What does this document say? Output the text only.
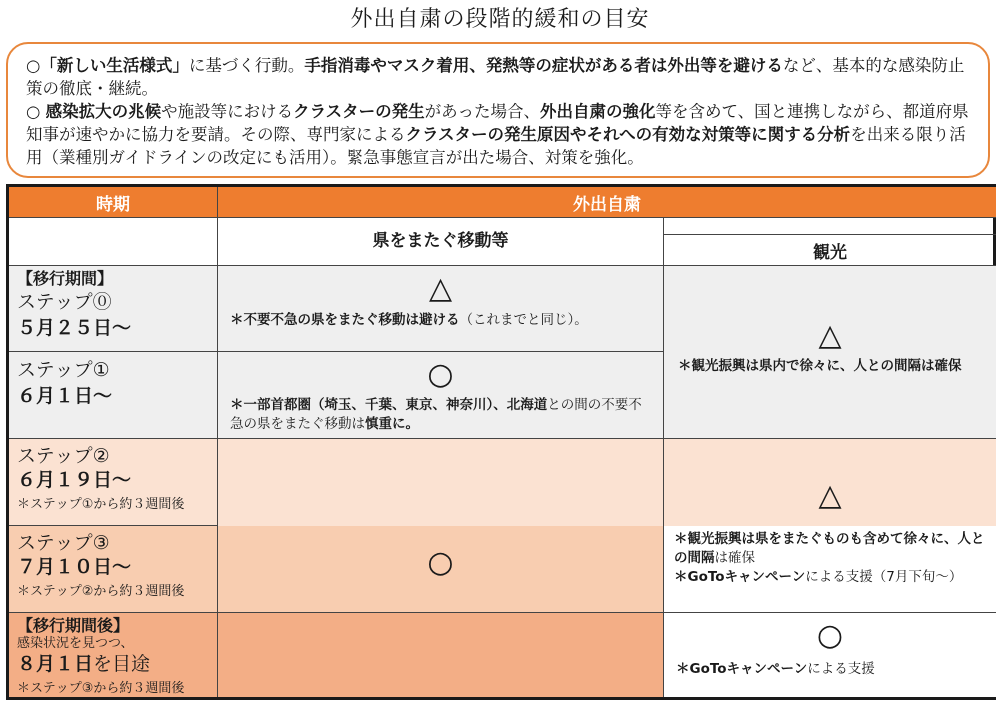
外出自粛の段階的緩和の目安

○「新しい生活様式」に基づく行動。手指消毒やマスク着用、発熱等の症状がある者は外出等を避けるなど、基本的な感染防止策の徹底・継続。

○ 感染拡大の兆候や施設等におけるクラスターの発生があった場合、外出自粛の強化等を含めて、国と連携しながら、都道府県知事が速やかに協力を要請。その際、専門家によるクラスターの発生原因やそれへの有効な対策等に関する分析を出来る限り活用（業種別ガイドラインの改定にも活用）。緊急事態宣言が出た場合、対策を強化。

時期	外出自粛
県をまたぐ移動等
観光
【移行期間】
ステップ⓪
５月２５日～
△
＊不要不急の県をまたぐ移動は避ける（これまでと同じ）。
ステップ①
６月１日～
○
＊一部首都圏（埼玉、千葉、東京、神奈川）、北海道との間の不要不急の県をまたぐ移動は慎重に。
△
＊観光振興は県内で徐々に、人との間隔は確保
ステップ②
６月１９日～
＊ステップ①から約３週間後
ステップ③
７月１０日～
＊ステップ②から約３週間後
○
△
＊観光振興は県をまたぐものも含めて徐々に、人との間隔は確保
＊GoToキャンペーンによる支援（7月下旬～）
【移行期間後】
感染状況を見つつ、
８月１日を目途
＊ステップ③から約３週間後
○
＊GoToキャンペーンによる支援
